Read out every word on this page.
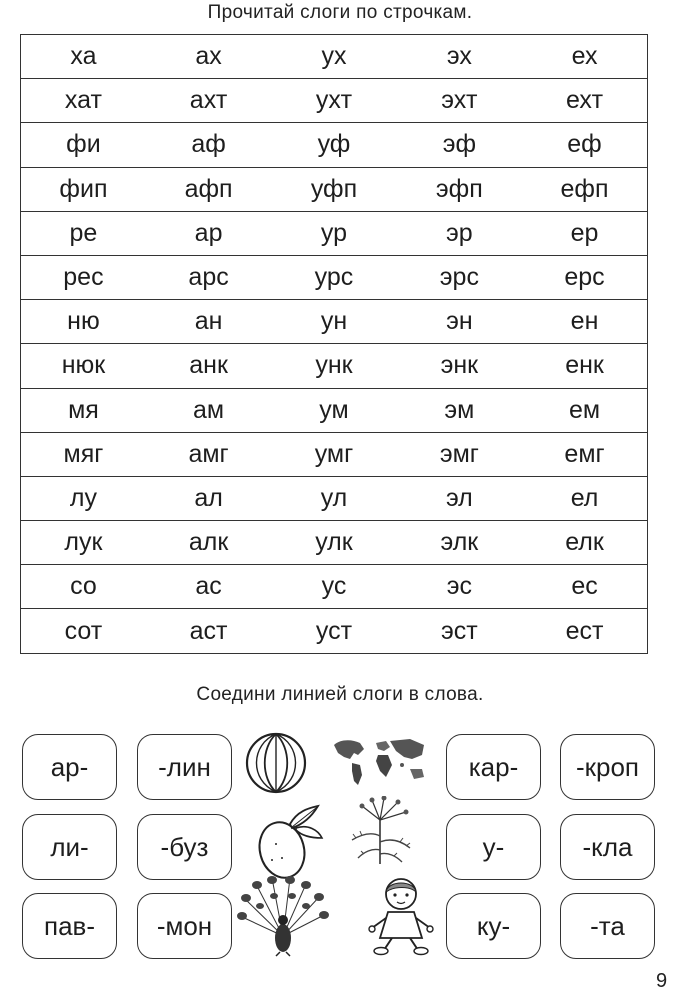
Прочитай слоги по строчкам.
ха	ах	ух	эх	ех
хат	ахт	ухт	эхт	ехт
фи	аф	уф	эф	еф
фип	афп	уфп	эфп	ефп
ре	ар	ур	эр	ер
рес	арс	урс	эрс	ерс
ню	ан	ун	эн	ен
нюк	анк	унк	энк	енк
мя	ам	ум	эм	ем
мяг	амг	умг	эмг	емг
лу	ал	ул	эл	ел
лук	алк	улк	элк	елк
со	ас	ус	эс	ес
сот	аст	уст	эст	ест
Соедини линией слоги в слова.
ар-
ли-
пав-
-лин
-буз
-мон
кар-
у-
ку-
-кроп
-кла
-та
9
